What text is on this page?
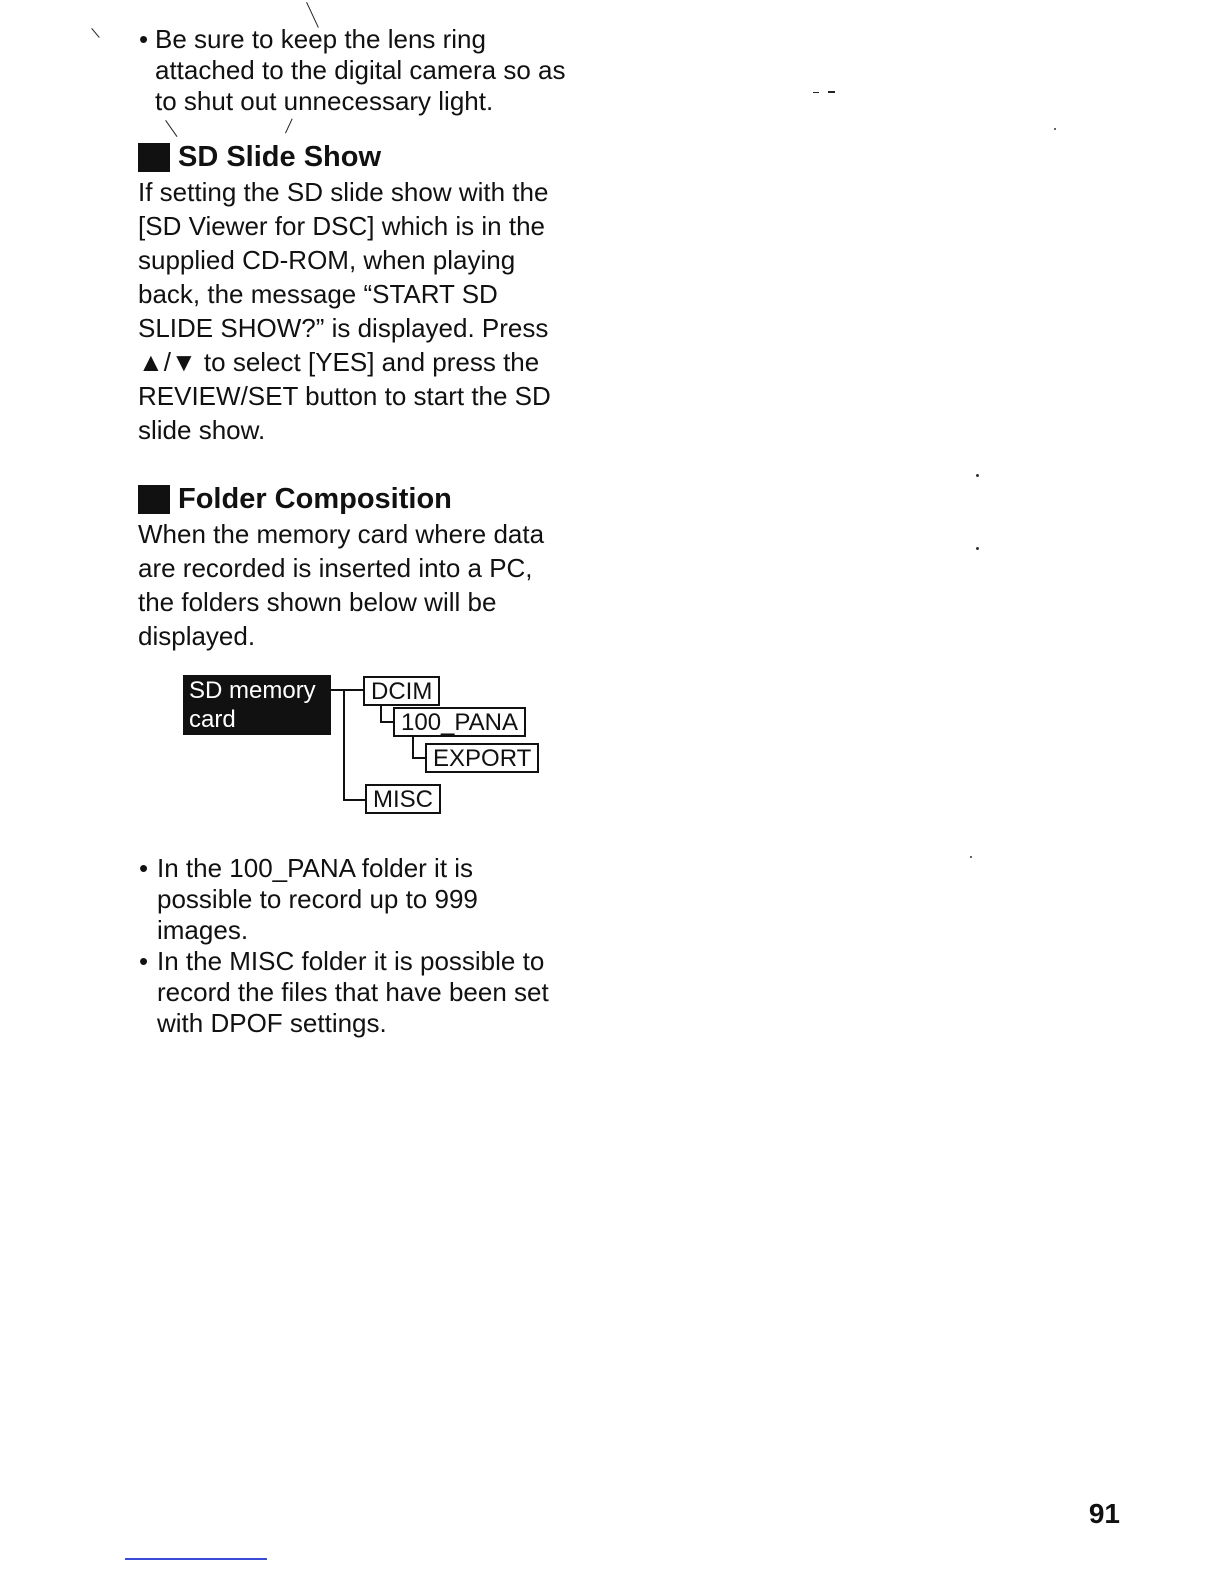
• Be sure to keep the lens ring
attached to the digital camera so as
to shut out unnecessary light.
SD Slide Show
If setting the SD slide show with the
[SD Viewer for DSC] which is in the
supplied CD-ROM, when playing
back, the message “START SD
SLIDE SHOW?” is displayed. Press
▲/▼ to select [YES] and press the
REVIEW/SET button to start the SD
slide show.
Folder Composition
When the memory card where data
are recorded is inserted into a PC,
the folders shown below will be
displayed.
SD memory
card
DCIM
100_PANA
EXPORT
MISC
• In the 100_PANA folder it is
possible to record up to 999
images.
• In the MISC folder it is possible to
record the files that have been set
with DPOF settings.
91
